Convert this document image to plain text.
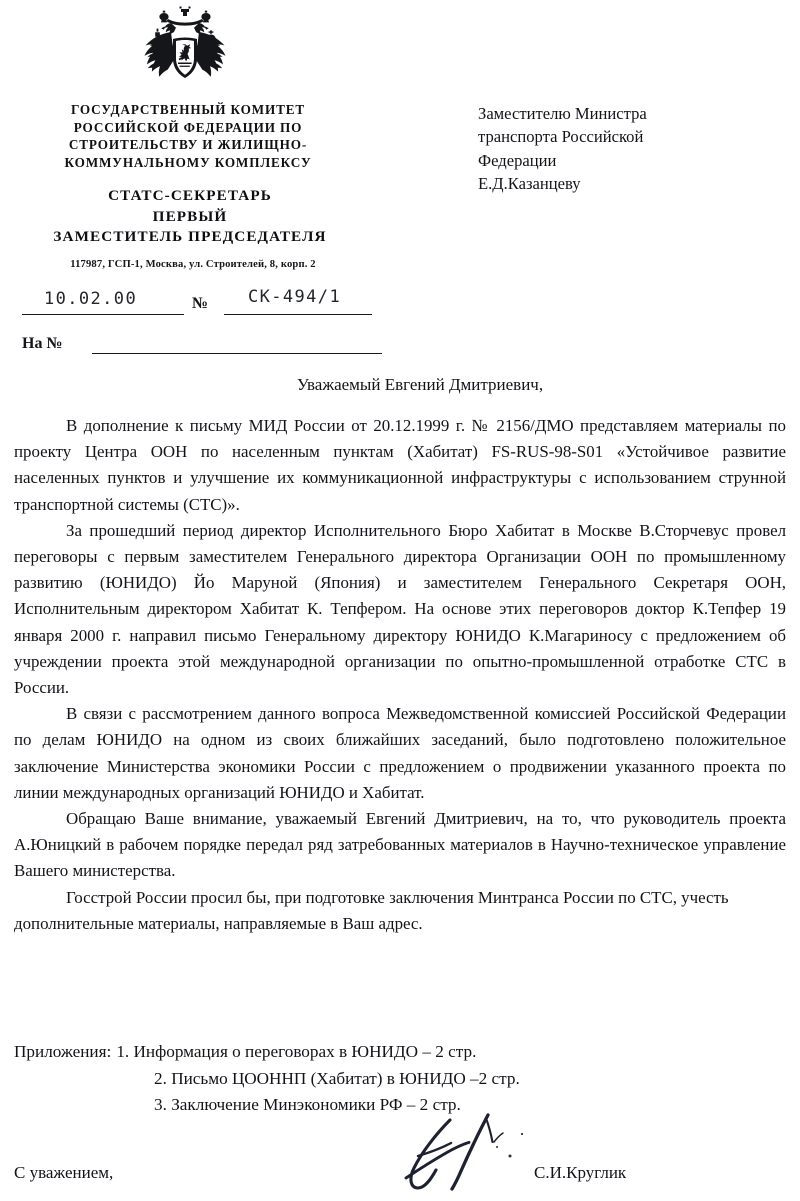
ГОСУДАРСТВЕННЫЙ КОМИТЕТ
РОССИЙСКОЙ ФЕДЕРАЦИИ ПО
СТРОИТЕЛЬСТВУ И ЖИЛИЩНО-
КОММУНАЛЬНОМУ КОМПЛЕКСУ
СТАТС-СЕКРЕТАРЬ
ПЕРВЫЙ
ЗАМЕСТИТЕЛЬ ПРЕДСЕДАТЕЛЯ
117987, ГСП-1, Москва, ул. Строителей, 8, корп. 2
10.02.00	№ СК-494/1
На №
Заместителю Министра
транспорта Российской
Федерации
Е.Д.Казанцеву
Уважаемый Евгений Дмитриевич,

В дополнение к письму МИД России от 20.12.1999 г. № 2156/ДМО представляем материалы по проекту Центра ООН по населенным пунктам (Хабитат) FS-RUS-98-S01 «Устойчивое развитие населенных пунктов и улучшение их коммуникационной инфраструктуры с использованием струнной транспортной системы (СТС)».

За прошедший период директор Исполнительного Бюро Хабитат в Москве В.Сторчевус провел переговоры с первым заместителем Генерального директора Организации ООН по промышленному развитию (ЮНИДО) Йо Маруной (Япония) и заместителем Генерального Секретаря ООН, Исполнительным директором Хабитат К. Тепфером. На основе этих переговоров доктор К.Тепфер 19 января 2000 г. направил письмо Генеральному директору ЮНИДО К.Магариносу с предложением об учреждении проекта этой международной организации по опытно-промышленной отработке СТС в России.

В связи с рассмотрением данного вопроса Межведомственной комиссией Российской Федерации по делам ЮНИДО на одном из своих ближайших заседаний, было подготовлено положительное заключение Министерства экономики России с предложением о продвижении указанного проекта по линии международных организаций ЮНИДО и Хабитат.

Обращаю Ваше внимание, уважаемый Евгений Дмитриевич, на то, что руководитель проекта А.Юницкий в рабочем порядке передал ряд затребованных материалов в Научно-техническое управление Вашего министерства.

Госстрой России просил бы, при подготовке заключения Минтранса России по СТС, учесть дополнительные материалы, направляемые в Ваш адрес.

Приложения: 1. Информация о переговорах в ЮНИДО – 2 стр.
2. Письмо ЦООННП (Хабитат) в ЮНИДО –2 стр.
3. Заключение Минэкономики РФ – 2 стр.
С уважением,	С.И.Круглик
